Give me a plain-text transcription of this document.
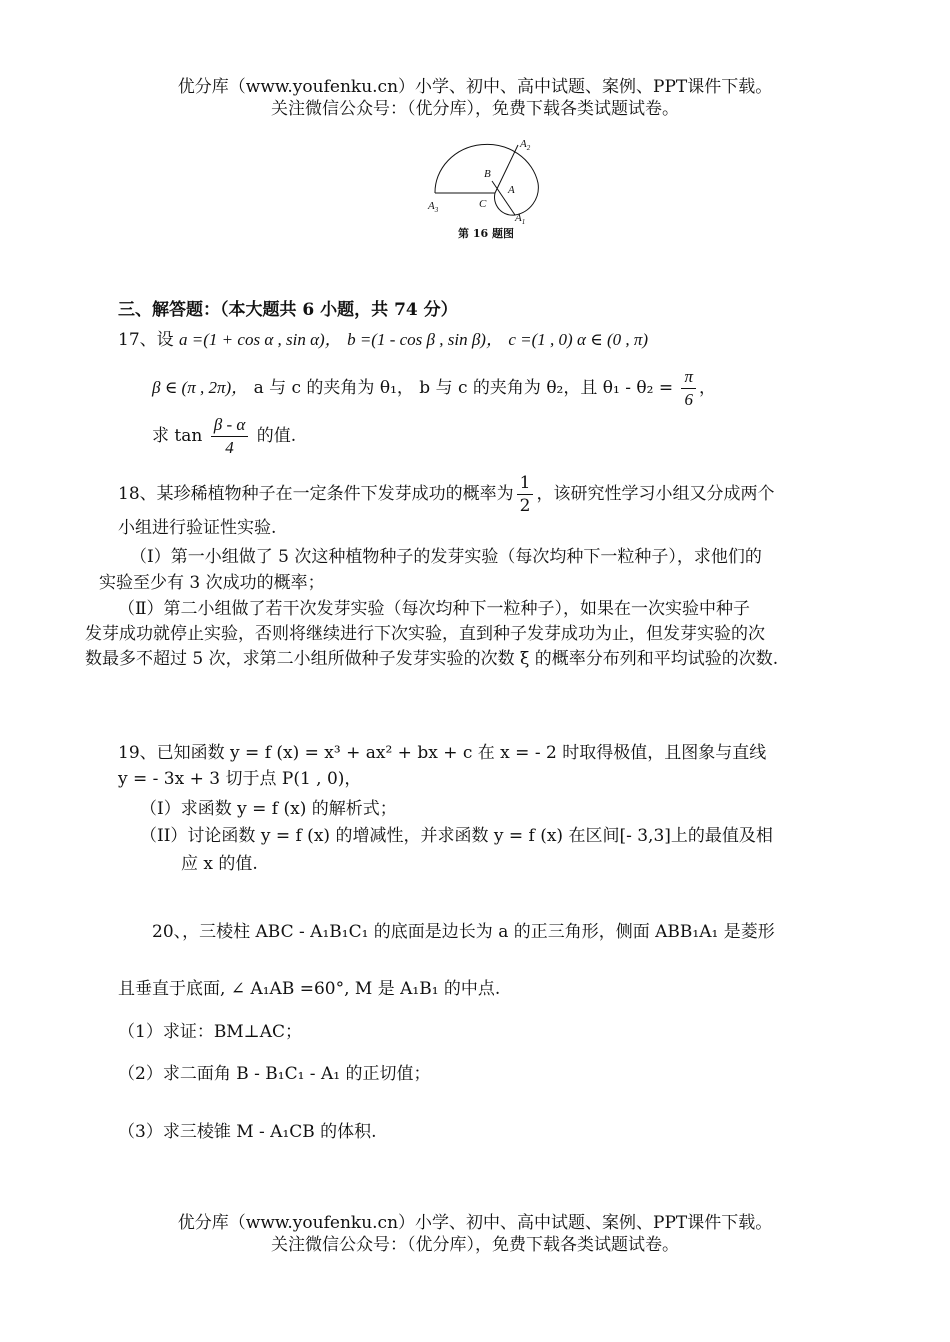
优分库（www.youfenku.cn）小学、初中、高中试题、案例、PPT课件下载。
关注微信公众号：（优分库），免费下载各类试题试卷。
$A_2$
B
A
$A_3$	C
$A_1$
第 16 题图
三、解答题：（本大题共 6 小题，共 74 分）
17、设 a =(1 + cos α , sin α)， b =(1 - cos β , sin β)， c =(1 , 0) α ∈ (0 , π)
β ∈ (π , 2π)， a 与 c 的夹角为 θ₁， b 与 c 的夹角为 θ₂，且 $\theta_1 - \theta_2 = \frac{\pi}{6}$ ，
求 $\tan \frac{\beta - \alpha}{4}$ 的值.
18、某珍稀植物种子在一定条件下发芽成功的概率为 $\frac{1}{2}$ ，该研究性学习小组又分成两个
小组进行验证性实验.
（Ⅰ）第一小组做了 5 次这种植物种子的发芽实验（每次均种下一粒种子），求他们的
实验至少有 3 次成功的概率；
（Ⅱ）第二小组做了若干次发芽实验（每次均种下一粒种子），如果在一次实验中种子
发芽成功就停止实验，否则将继续进行下次实验，直到种子发芽成功为止，但发芽实验的次
数最多不超过 5 次，求第二小组所做种子发芽实验的次数 ξ 的概率分布列和平均试验的次数.
19、已知函数 y = f (x) = x³ + ax² + bx + c 在 x = - 2 时取得极值，且图象与直线
y = - 3x + 3 切于点 P(1 , 0)，
（I）求函数 y = f (x) 的解析式；
（II）讨论函数 y = f (x) 的增减性，并求函数 y = f (x) 在区间[- 3,3]上的最值及相
应 x 的值.
20、，三棱柱 ABC - A₁B₁C₁ 的底面是边长为 a 的正三角形，侧面 ABB₁A₁ 是菱形
且垂直于底面, ∠ A₁AB =60°, M 是 A₁B₁ 的中点.
（1）求证：BM⊥AC；
（2）求二面角 B - B₁C₁ - A₁ 的正切值；
（3）求三棱锥 M - A₁CB 的体积.
优分库（www.youfenku.cn）小学、初中、高中试题、案例、PPT课件下载。
关注微信公众号：（优分库），免费下载各类试题试卷。
